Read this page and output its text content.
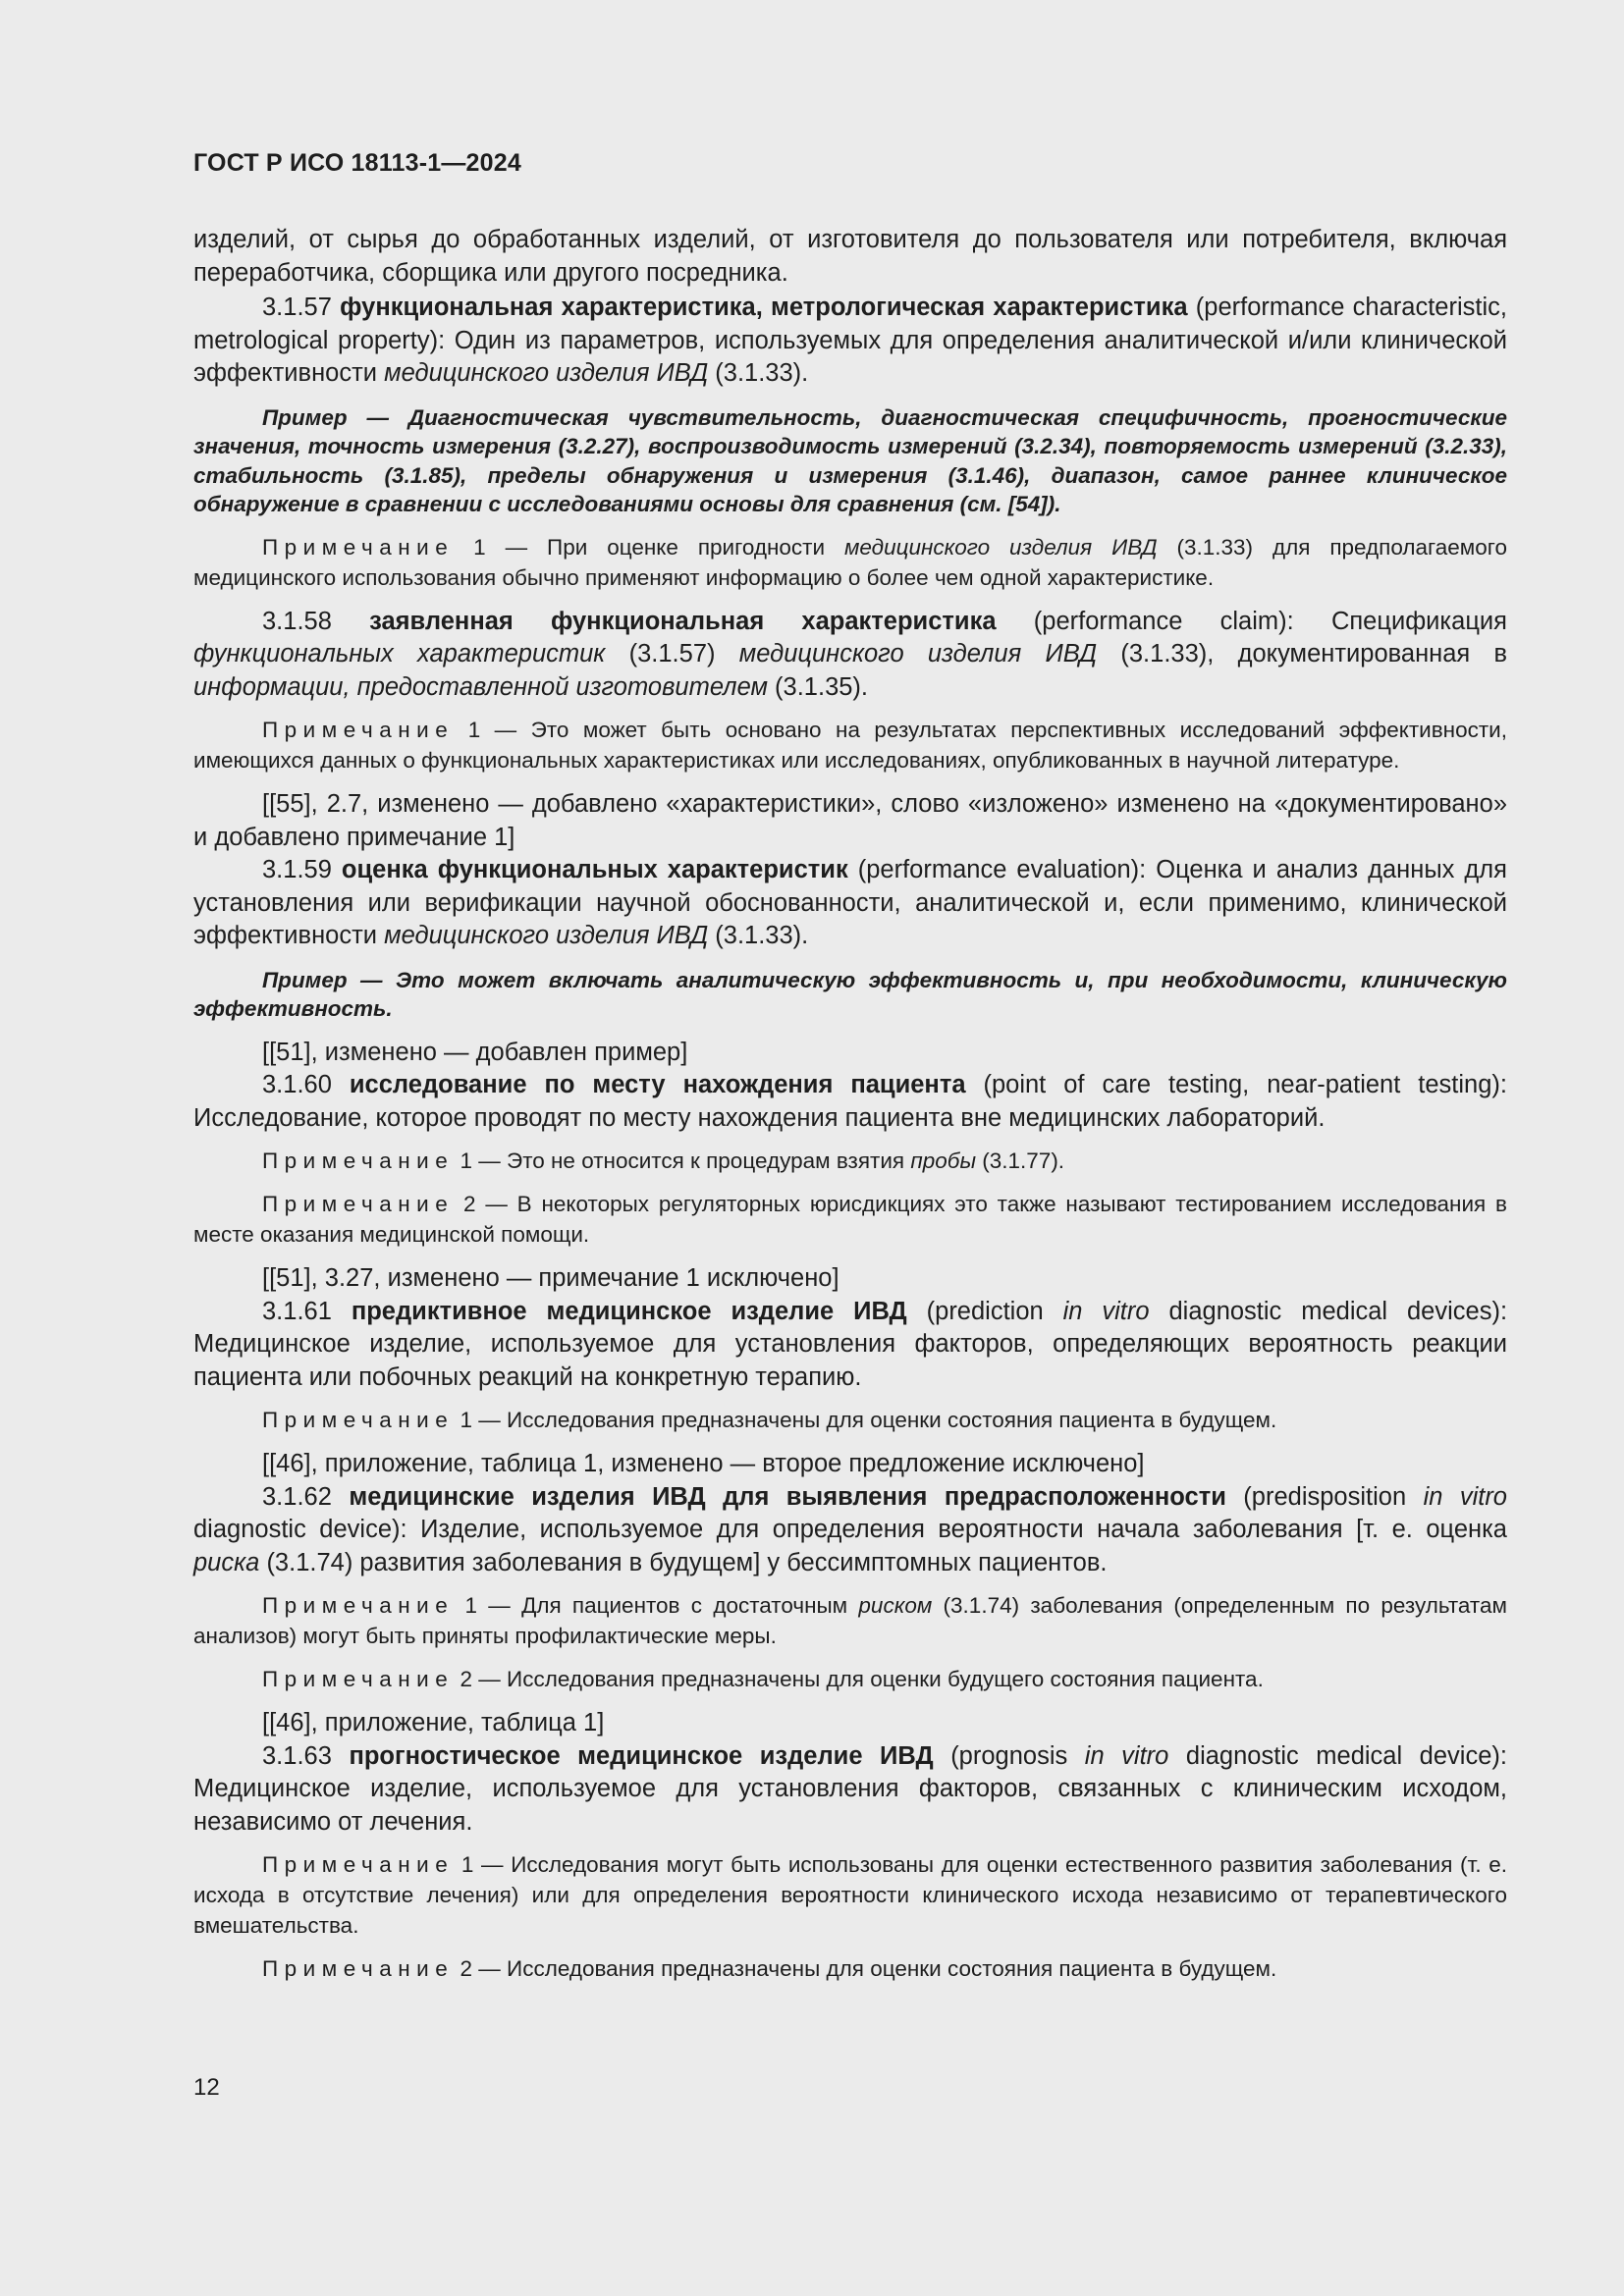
ГОСТ Р ИСО 18113-1—2024

изделий, от сырья до обработанных изделий, от изготовителя до пользователя или потребителя, включая переработчика, сборщика или другого посредника.

3.1.57 функциональная характеристика, метрологическая характеристика (performance characteristic, metrological property): Один из параметров, используемых для определения аналитической и/или клинической эффективности медицинского изделия ИВД (3.1.33).

Пример — Диагностическая чувствительность, диагностическая специфичность, прогностические значения, точность измерения (3.2.27), воспроизводимость измерений (3.2.34), повторяемость измерений (3.2.33), стабильность (3.1.85), пределы обнаружения и измерения (3.1.46), диапазон, самое раннее клиническое обнаружение в сравнении с исследованиями основы для сравнения (см. [54]).

Примечание 1 — При оценке пригодности медицинского изделия ИВД (3.1.33) для предполагаемого медицинского использования обычно применяют информацию о более чем одной характеристике.

3.1.58 заявленная функциональная характеристика (performance claim): Спецификация функциональных характеристик (3.1.57) медицинского изделия ИВД (3.1.33), документированная в информации, предоставленной изготовителем (3.1.35).

Примечание 1 — Это может быть основано на результатах перспективных исследований эффективности, имеющихся данных о функциональных характеристиках или исследованиях, опубликованных в научной литературе.

[[55], 2.7, изменено — добавлено «характеристики», слово «изложено» изменено на «документировано» и добавлено примечание 1]

3.1.59 оценка функциональных характеристик (performance evaluation): Оценка и анализ данных для установления или верификации научной обоснованности, аналитической и, если применимо, клинической эффективности медицинского изделия ИВД (3.1.33).

Пример — Это может включать аналитическую эффективность и, при необходимости, клиническую эффективность.

[[51], изменено — добавлен пример]

3.1.60 исследование по месту нахождения пациента (point of care testing, near-patient testing): Исследование, которое проводят по месту нахождения пациента вне медицинских лабораторий.

Примечание 1 — Это не относится к процедурам взятия пробы (3.1.77).

Примечание 2 — В некоторых регуляторных юрисдикциях это также называют тестированием исследования в месте оказания медицинской помощи.

[[51], 3.27, изменено — примечание 1 исключено]

3.1.61 предиктивное медицинское изделие ИВД (prediction in vitro diagnostic medical devices): Медицинское изделие, используемое для установления факторов, определяющих вероятность реакции пациента или побочных реакций на конкретную терапию.

Примечание 1 — Исследования предназначены для оценки состояния пациента в будущем.

[[46], приложение, таблица 1, изменено — второе предложение исключено]

3.1.62 медицинские изделия ИВД для выявления предрасположенности (predisposition in vitro diagnostic device): Изделие, используемое для определения вероятности начала заболевания [т. е. оценка риска (3.1.74) развития заболевания в будущем] у бессимптомных пациентов.

Примечание 1 — Для пациентов с достаточным риском (3.1.74) заболевания (определенным по результатам анализов) могут быть приняты профилактические меры.

Примечание 2 — Исследования предназначены для оценки будущего состояния пациента.

[[46], приложение, таблица 1]

3.1.63 прогностическое медицинское изделие ИВД (prognosis in vitro diagnostic medical device): Медицинское изделие, используемое для установления факторов, связанных с клиническим исходом, независимо от лечения.

Примечание 1 — Исследования могут быть использованы для оценки естественного развития заболевания (т. е. исхода в отсутствие лечения) или для определения вероятности клинического исхода независимо от терапевтического вмешательства.

Примечание 2 — Исследования предназначены для оценки состояния пациента в будущем.

12
